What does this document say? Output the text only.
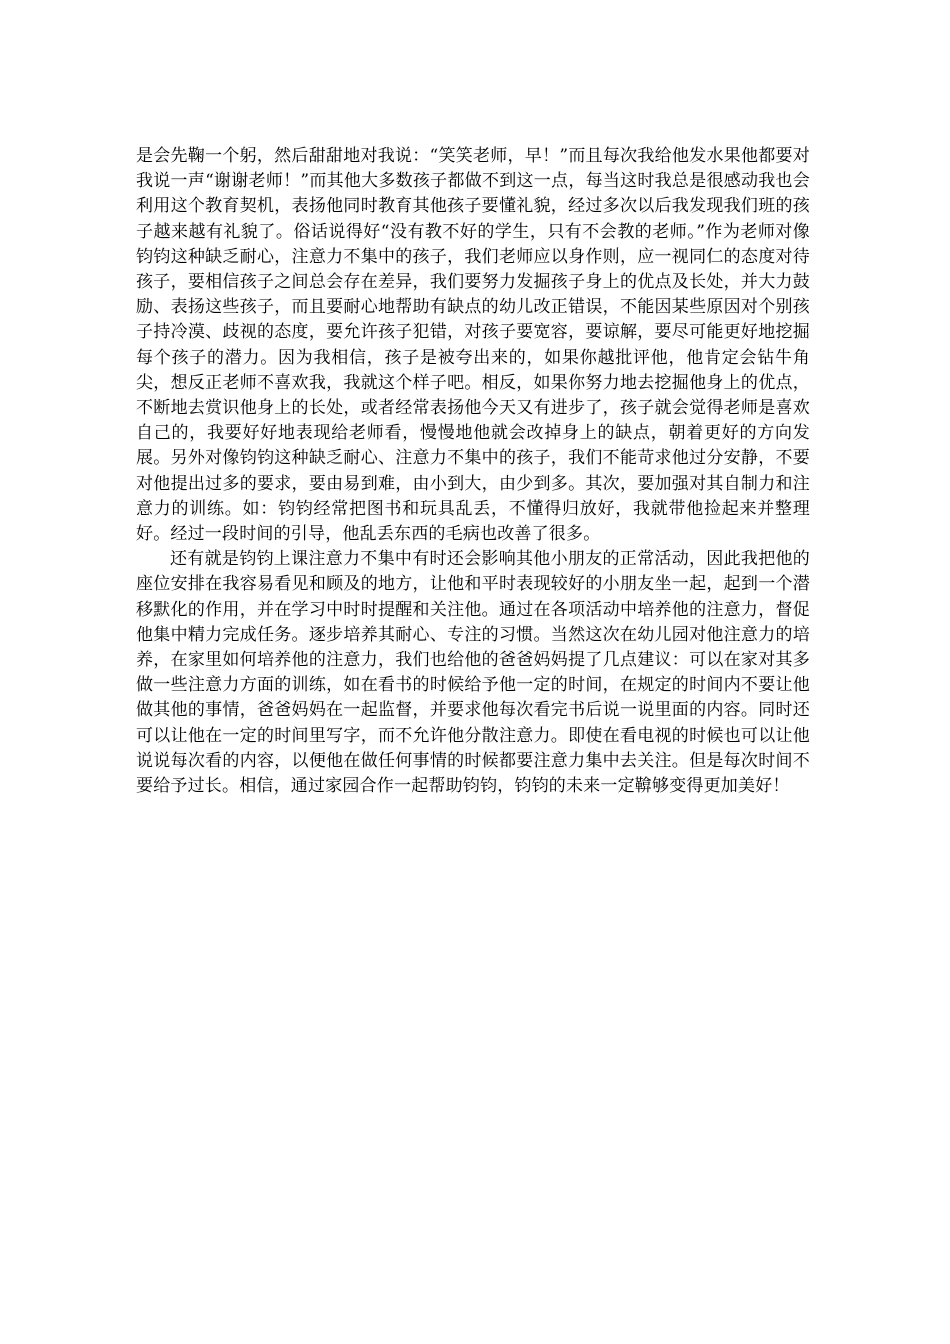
是会先鞠一个躬，然后甜甜地对我说：“笑笑老师，早！”而且每次我给他发水果他都要对我说一声“谢谢老师！”而其他大多数孩子都做不到这一点，每当这时我总是很感动我也会利用这个教育契机，表扬他同时教育其他孩子要懂礼貌，经过多次以后我发现我们班的孩子越来越有礼貌了。俗话说得好“没有教不好的学生，只有不会教的老师。”作为老师对像钧钧这种缺乏耐心，注意力不集中的孩子，我们老师应以身作则，应一视同仁的态度对待孩子，要相信孩子之间总会存在差异，我们要努力发掘孩子身上的优点及长处，并大力鼓励、表扬这些孩子，而且要耐心地帮助有缺点的幼儿改正错误，不能因某些原因对个别孩子持冷漠、歧视的态度，要允许孩子犯错，对孩子要宽容，要谅解，要尽可能更好地挖掘每个孩子的潜力。因为我相信，孩子是被夸出来的，如果你越批评他，他肯定会钻牛角尖，想反正老师不喜欢我，我就这个样子吧。相反，如果你努力地去挖掘他身上的优点，不断地去赏识他身上的长处，或者经常表扬他今天又有进步了，孩子就会觉得老师是喜欢自己的，我要好好地表现给老师看，慢慢地他就会改掉身上的缺点，朝着更好的方向发展。另外对像钧钧这种缺乏耐心、注意力不集中的孩子，我们不能苛求他过分安静，不要对他提出过多的要求，要由易到难，由小到大，由少到多。其次，要加强对其自制力和注意力的训练。如：钧钧经常把图书和玩具乱丢，不懂得归放好，我就带他捡起来并整理好。经过一段时间的引导，他乱丢东西的毛病也改善了很多。

还有就是钧钧上课注意力不集中有时还会影响其他小朋友的正常活动，因此我把他的座位安排在我容易看见和顾及的地方，让他和平时表现较好的小朋友坐一起，起到一个潜移默化的作用，并在学习中时时提醒和关注他。通过在各项活动中培养他的注意力，督促他集中精力完成任务。逐步培养其耐心、专注的习惯。当然这次在幼儿园对他注意力的培养，在家里如何培养他的注意力，我们也给他的爸爸妈妈提了几点建议：可以在家对其多做一些注意力方面的训练，如在看书的时候给予他一定的时间，在规定的时间内不要让他做其他的事情，爸爸妈妈在一起监督，并要求他每次看完书后说一说里面的内容。同时还可以让他在一定的时间里写字，而不允许他分散注意力。即使在看电视的时候也可以让他说说每次看的内容，以便他在做任何事情的时候都要注意力集中去关注。但是每次时间不要给予过长。相信，通过家园合作一起帮助钧钧，钧钧的未来一定鞥够变得更加美好！
